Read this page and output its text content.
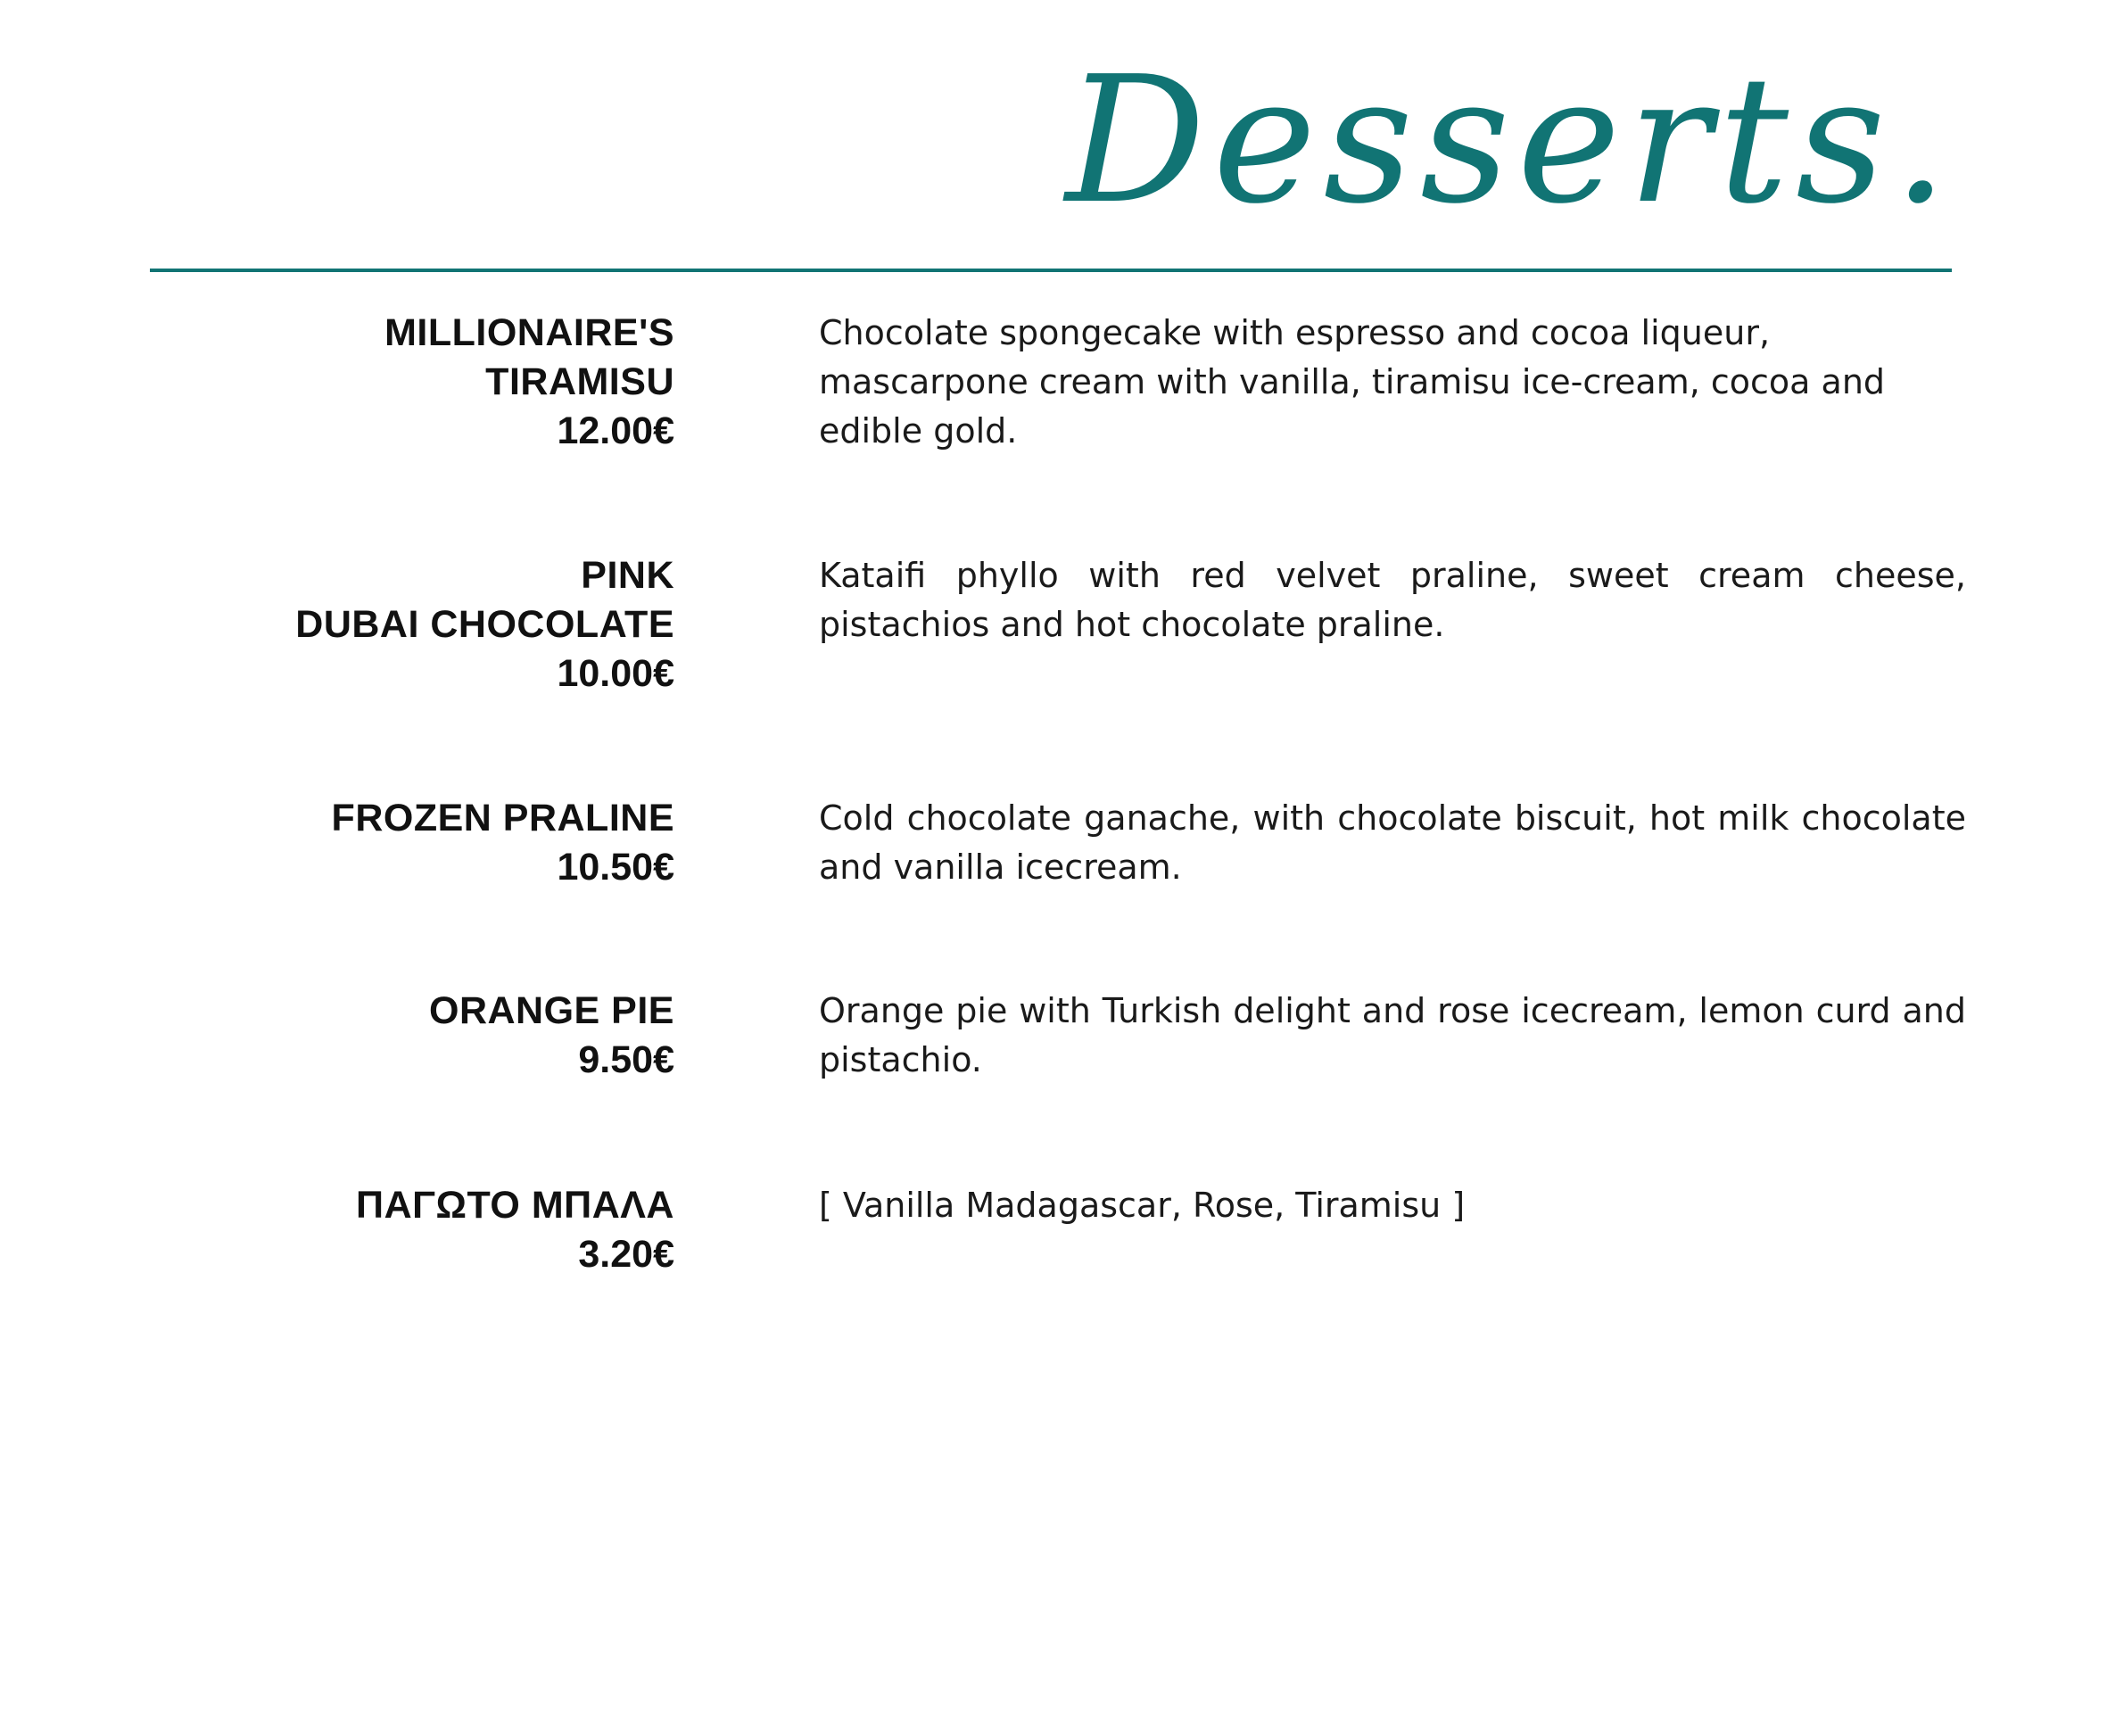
Desserts.
MILLIONAIRE'S
TIRAMISU
12.00€

Chocolate spongecake with espresso and cocoa liqueur, mascarpone cream with vanilla, tiramisu ice-cream, cocoa and edible gold.

PINK
DUBAI CHOCOLATE
10.00€

Kataifi phyllo with red velvet praline, sweet cream cheese, pistachios and hot chocolate praline.

FROZEN PRALINE
10.50€

Cold chocolate ganache, with chocolate biscuit, hot milk chocolate and vanilla icecream.

ORANGE PIE
9.50€

Orange pie with Turkish delight and rose icecream, lemon curd and pistachio.

ΠΑΓΩΤΟ ΜΠΑΛΑ
3.20€

[ Vanilla Madagascar, Rose, Tiramisu ]
